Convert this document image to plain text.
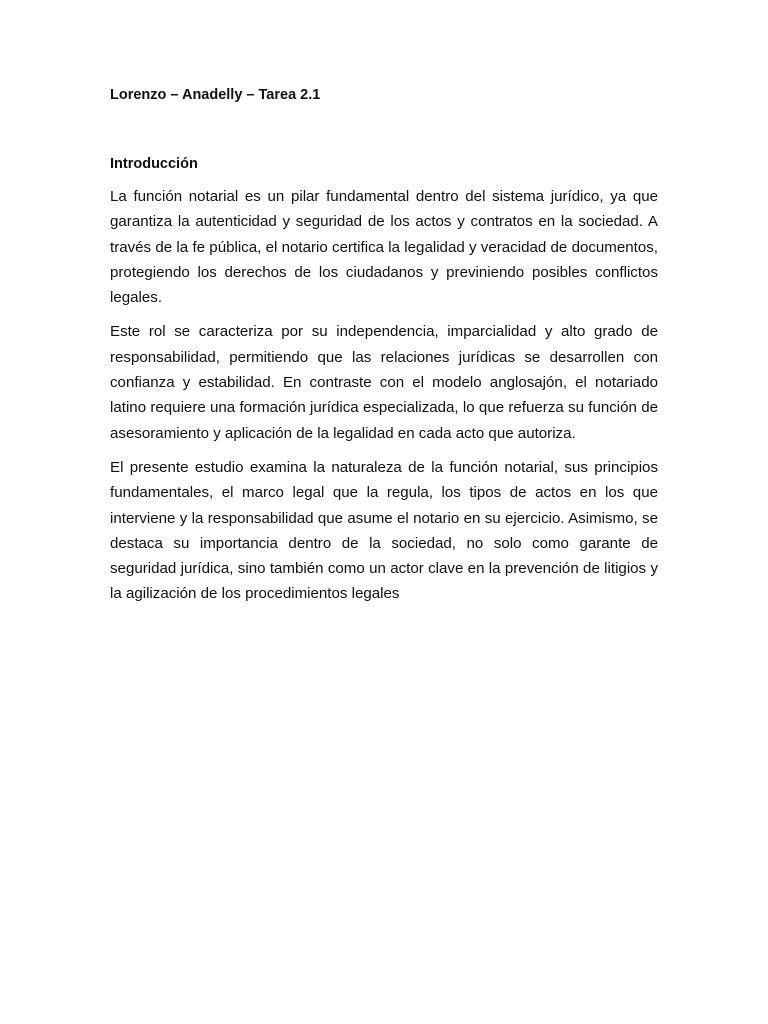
Lorenzo – Anadelly – Tarea 2.1

Introducción

La función notarial es un pilar fundamental dentro del sistema jurídico, ya que garantiza la autenticidad y seguridad de los actos y contratos en la sociedad. A través de la fe pública, el notario certifica la legalidad y veracidad de documentos, protegiendo los derechos de los ciudadanos y previniendo posibles conflictos legales.

Este rol se caracteriza por su independencia, imparcialidad y alto grado de responsabilidad, permitiendo que las relaciones jurídicas se desarrollen con confianza y estabilidad. En contraste con el modelo anglosajón, el notariado latino requiere una formación jurídica especializada, lo que refuerza su función de asesoramiento y aplicación de la legalidad en cada acto que autoriza.

El presente estudio examina la naturaleza de la función notarial, sus principios fundamentales, el marco legal que la regula, los tipos de actos en los que interviene y la responsabilidad que asume el notario en su ejercicio. Asimismo, se destaca su importancia dentro de la sociedad, no solo como garante de seguridad jurídica, sino también como un actor clave en la prevención de litigios y la agilización de los procedimientos legales
